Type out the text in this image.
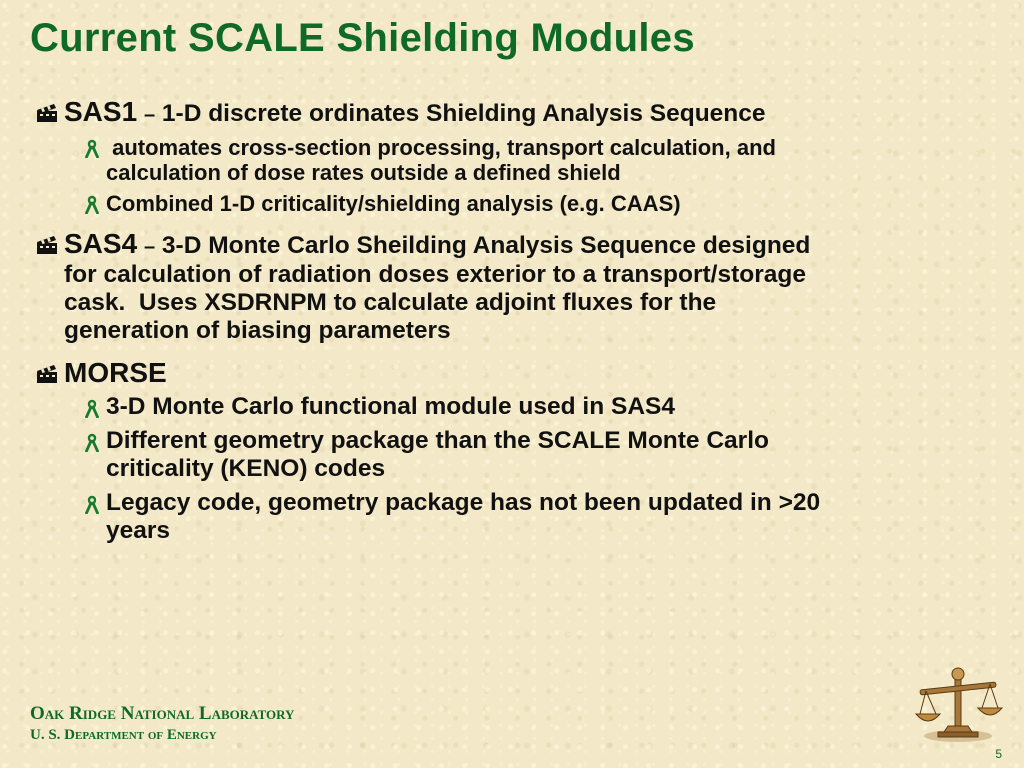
Current SCALE Shielding Modules
SAS1 – 1-D discrete ordinates Shielding Analysis Sequence
automates cross-section processing, transport calculation, and
calculation of dose rates outside a defined shield
Combined 1-D criticality/shielding analysis (e.g. CAAS)
SAS4 – 3-D Monte Carlo Sheilding Analysis Sequence designed
for calculation of radiation doses exterior to a transport/storage
cask.  Uses XSDRNPM to calculate adjoint fluxes for the
generation of biasing parameters
MORSE
3-D Monte Carlo functional module used in SAS4
Different geometry package than the SCALE Monte Carlo
criticality (KENO) codes
Legacy code, geometry package has not been updated in >20
years
Oak Ridge National Laboratory
U. S. Department of Energy
5
